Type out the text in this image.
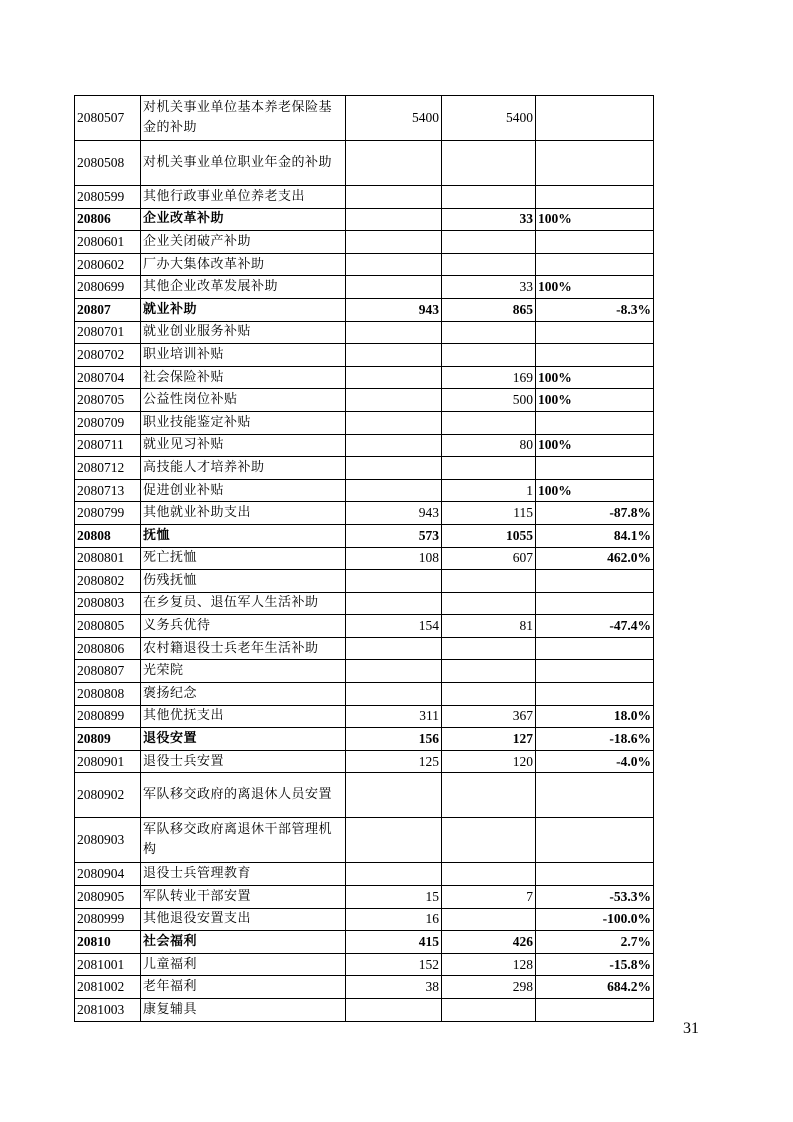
2080507	对机关事业单位基本养老保险基金的补助	5400	5400	
2080508	对机关事业单位职业年金的补助			
2080599	其他行政事业单位养老支出			
20806	企业改革补助		33	100%
2080601	企业关闭破产补助			
2080602	厂办大集体改革补助			
2080699	其他企业改革发展补助		33	100%
20807	就业补助	943	865	-8.3%
2080701	就业创业服务补贴			
2080702	职业培训补贴			
2080704	社会保险补贴		169	100%
2080705	公益性岗位补贴		500	100%
2080709	职业技能鉴定补贴			
2080711	就业见习补贴		80	100%
2080712	高技能人才培养补助			
2080713	促进创业补贴		1	100%
2080799	其他就业补助支出	943	115	-87.8%
20808	抚恤	573	1055	84.1%
2080801	死亡抚恤	108	607	462.0%
2080802	伤残抚恤			
2080803	在乡复员、退伍军人生活补助			
2080805	义务兵优待	154	81	-47.4%
2080806	农村籍退役士兵老年生活补助			
2080807	光荣院			
2080808	褒扬纪念			
2080899	其他优抚支出	311	367	18.0%
20809	退役安置	156	127	-18.6%
2080901	退役士兵安置	125	120	-4.0%
2080902	军队移交政府的离退休人员安置			
2080903	军队移交政府离退休干部管理机构			
2080904	退役士兵管理教育			
2080905	军队转业干部安置	15	7	-53.3%
2080999	其他退役安置支出	16		-100.0%
20810	社会福利	415	426	2.7%
2081001	儿童福利	152	128	-15.8%
2081002	老年福利	38	298	684.2%
2081003	康复辅具			
31
